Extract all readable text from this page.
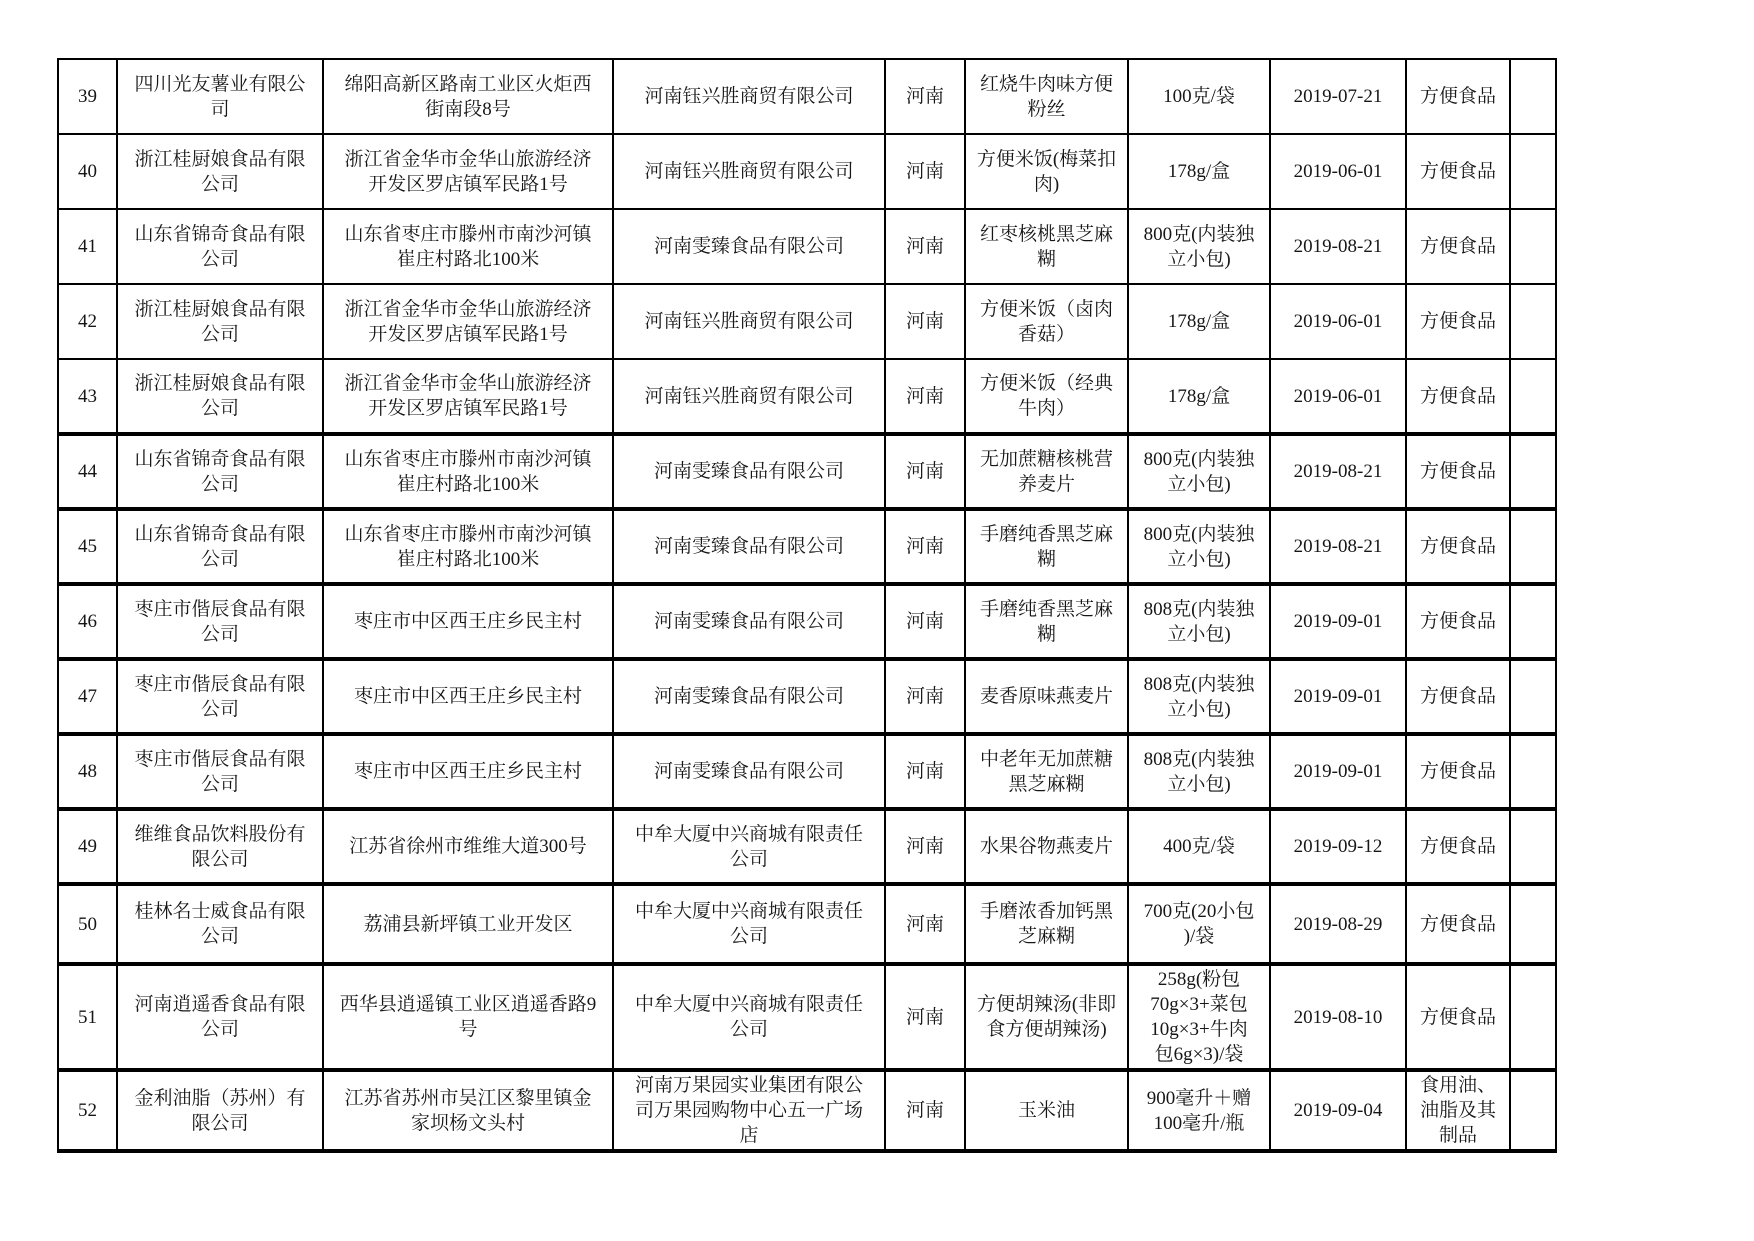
39	四川光友薯业有限公
司	绵阳高新区路南工业区火炬西
街南段8号	河南钰兴胜商贸有限公司	河南	红烧牛肉味方便
粉丝	100克/袋	2019-07-21	方便食品	
40	浙江桂厨娘食品有限
公司	浙江省金华市金华山旅游经济
开发区罗店镇军民路1号	河南钰兴胜商贸有限公司	河南	方便米饭(梅菜扣
肉)	178g/盒	2019-06-01	方便食品	
41	山东省锦奇食品有限
公司	山东省枣庄市滕州市南沙河镇
崔庄村路北100米	河南雯臻食品有限公司	河南	红枣核桃黑芝麻
糊	800克(内装独
立小包)	2019-08-21	方便食品	
42	浙江桂厨娘食品有限
公司	浙江省金华市金华山旅游经济
开发区罗店镇军民路1号	河南钰兴胜商贸有限公司	河南	方便米饭（卤肉
香菇）	178g/盒	2019-06-01	方便食品	
43	浙江桂厨娘食品有限
公司	浙江省金华市金华山旅游经济
开发区罗店镇军民路1号	河南钰兴胜商贸有限公司	河南	方便米饭（经典
牛肉）	178g/盒	2019-06-01	方便食品	
44	山东省锦奇食品有限
公司	山东省枣庄市滕州市南沙河镇
崔庄村路北100米	河南雯臻食品有限公司	河南	无加蔗糖核桃营
养麦片	800克(内装独
立小包)	2019-08-21	方便食品	
45	山东省锦奇食品有限
公司	山东省枣庄市滕州市南沙河镇
崔庄村路北100米	河南雯臻食品有限公司	河南	手磨纯香黑芝麻
糊	800克(内装独
立小包)	2019-08-21	方便食品	
46	枣庄市偕辰食品有限
公司	枣庄市中区西王庄乡民主村	河南雯臻食品有限公司	河南	手磨纯香黑芝麻
糊	808克(内装独
立小包)	2019-09-01	方便食品	
47	枣庄市偕辰食品有限
公司	枣庄市中区西王庄乡民主村	河南雯臻食品有限公司	河南	麦香原味燕麦片	808克(内装独
立小包)	2019-09-01	方便食品	
48	枣庄市偕辰食品有限
公司	枣庄市中区西王庄乡民主村	河南雯臻食品有限公司	河南	中老年无加蔗糖
黑芝麻糊	808克(内装独
立小包)	2019-09-01	方便食品	
49	维维食品饮料股份有
限公司	江苏省徐州市维维大道300号	中牟大厦中兴商城有限责任
公司	河南	水果谷物燕麦片	400克/袋	2019-09-12	方便食品	
50	桂林名士威食品有限
公司	荔浦县新坪镇工业开发区	中牟大厦中兴商城有限责任
公司	河南	手磨浓香加钙黑
芝麻糊	700克(20小包
)/袋	2019-08-29	方便食品	
51	河南逍遥香食品有限
公司	西华县逍遥镇工业区逍遥香路9
号	中牟大厦中兴商城有限责任
公司	河南	方便胡辣汤(非即
食方便胡辣汤)	258g(粉包
70g×3+菜包
10g×3+牛肉
包6g×3)/袋	2019-08-10	方便食品	
52	金利油脂（苏州）有
限公司	江苏省苏州市吴江区黎里镇金
家坝杨文头村	河南万果园实业集团有限公
司万果园购物中心五一广场
店	河南	玉米油	900毫升＋赠
100毫升/瓶	2019-09-04	食用油、
油脂及其
制品	
